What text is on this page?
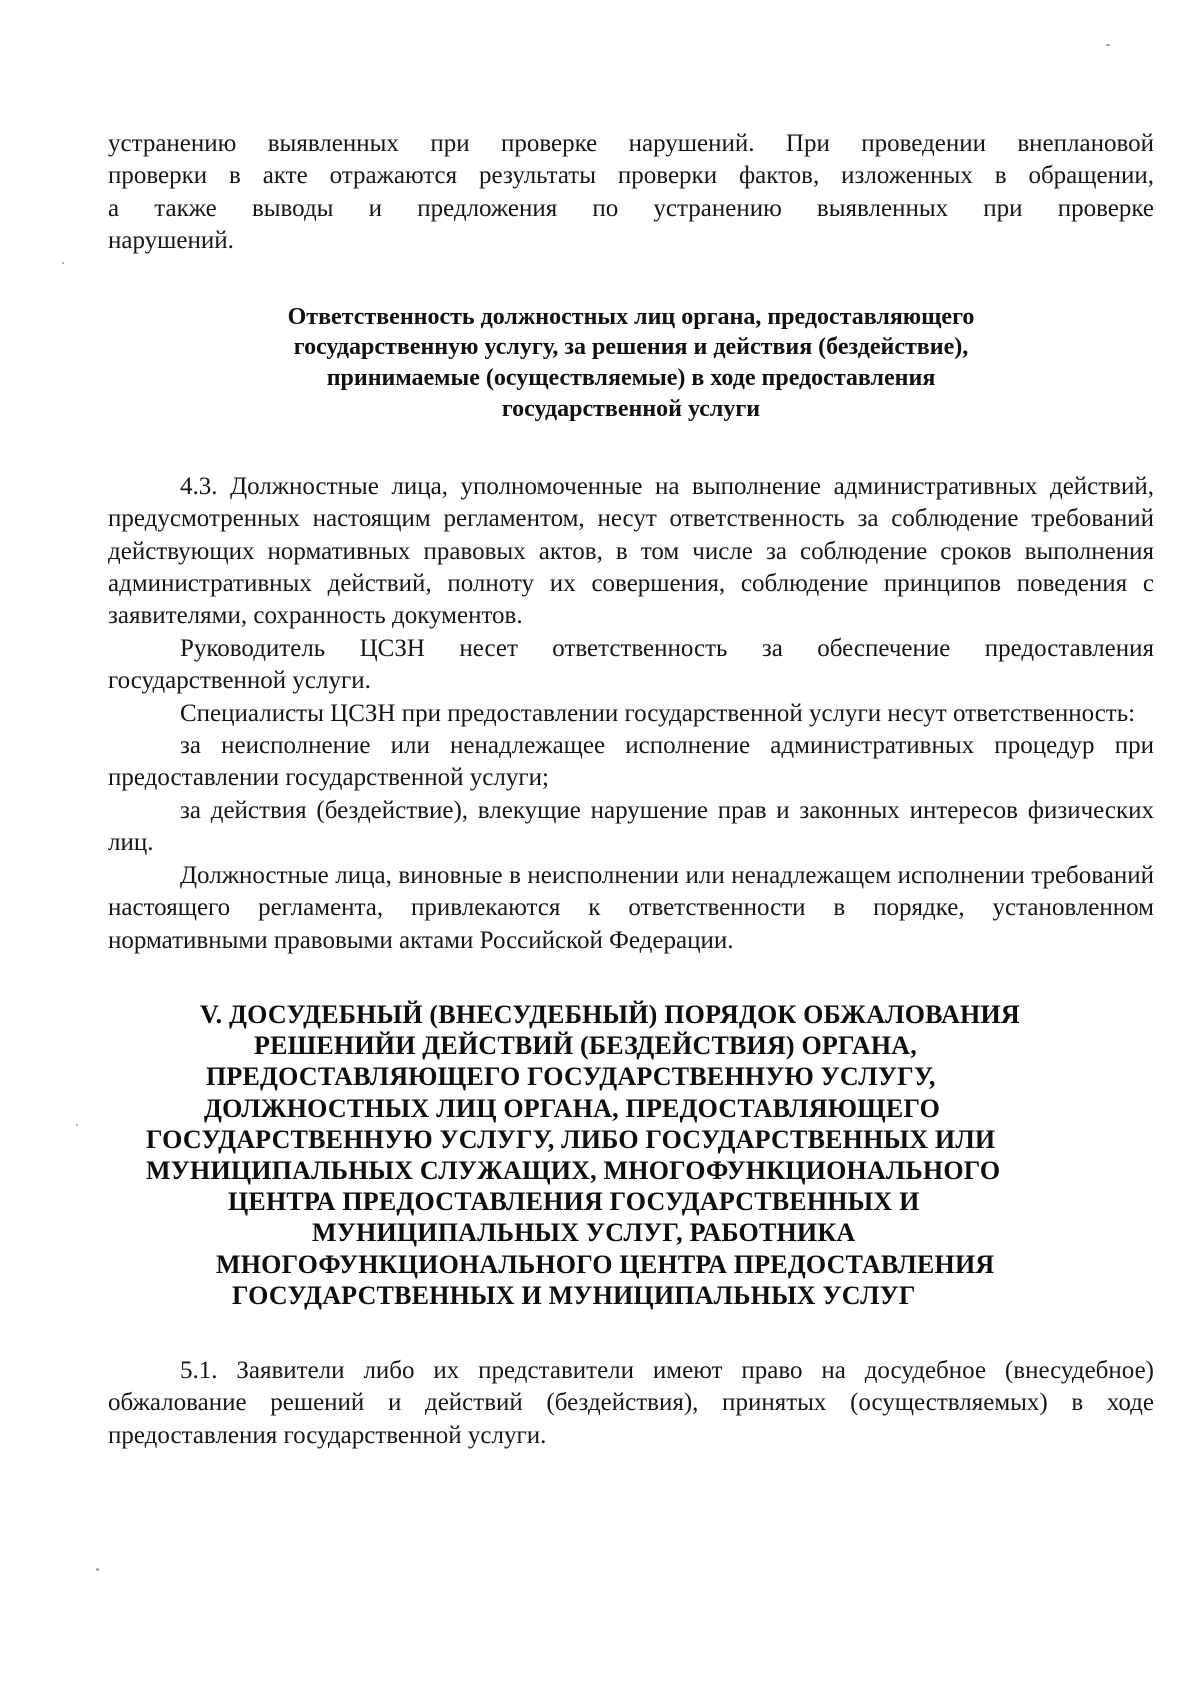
устранению выявленных при проверке нарушений. При проведении внеплановой
проверки в акте отражаются результаты проверки фактов, изложенных в обращении,
а также выводы и предложения по устранению выявленных при проверке
нарушений.
Ответственность должностных лиц органа, предоставляющего
государственную услугу, за решения и действия (бездействие),
принимаемые (осуществляемые) в ходе предоставления
государственной услуги

4.3. Должностные лица, уполномоченные на выполнение административных действий, предусмотренных настоящим регламентом, несут ответственность за соблюдение требований действующих нормативных правовых актов, в том числе за соблюдение сроков выполнения административных действий, полноту их совершения, соблюдение принципов поведения с заявителями, сохранность документов.

Руководитель ЦСЗН несет ответственность за обеспечение предоставления государственной услуги.

Специалисты ЦСЗН при предоставлении государственной услуги несут ответственность:

за неисполнение или ненадлежащее исполнение административных процедур при предоставлении государственной услуги;

за действия (бездействие), влекущие нарушение прав и законных интересов физических лиц.

Должностные лица, виновные в неисполнении или ненадлежащем исполнении требований настоящего регламента, привлекаются к ответственности в порядке, установленном нормативными правовыми актами Российской Федерации.

V. ДОСУДЕБНЫЙ (ВНЕСУДЕБНЫЙ) ПОРЯДОК ОБЖАЛОВАНИЯ
РЕШЕНИЙИ ДЕЙСТВИЙ (БЕЗДЕЙСТВИЯ) ОРГАНА,
ПРЕДОСТАВЛЯЮЩЕГО ГОСУДАРСТВЕННУЮ УСЛУГУ,
ДОЛЖНОСТНЫХ ЛИЦ ОРГАНА, ПРЕДОСТАВЛЯЮЩЕГО
ГОСУДАРСТВЕННУЮ УСЛУГУ, ЛИБО ГОСУДАРСТВЕННЫХ ИЛИ
МУНИЦИПАЛЬНЫХ СЛУЖАЩИХ, МНОГОФУНКЦИОНАЛЬНОГО
ЦЕНТРА ПРЕДОСТАВЛЕНИЯ ГОСУДАРСТВЕННЫХ И
МУНИЦИПАЛЬНЫХ УСЛУГ, РАБОТНИКА
МНОГОФУНКЦИОНАЛЬНОГО ЦЕНТРА ПРЕДОСТАВЛЕНИЯ
ГОСУДАРСТВЕННЫХ И МУНИЦИПАЛЬНЫХ УСЛУГ

5.1. Заявители либо их представители имеют право на досудебное (внесудебное) обжалование решений и действий (бездействия), принятых (осуществляемых) в ходе предоставления государственной услуги.
